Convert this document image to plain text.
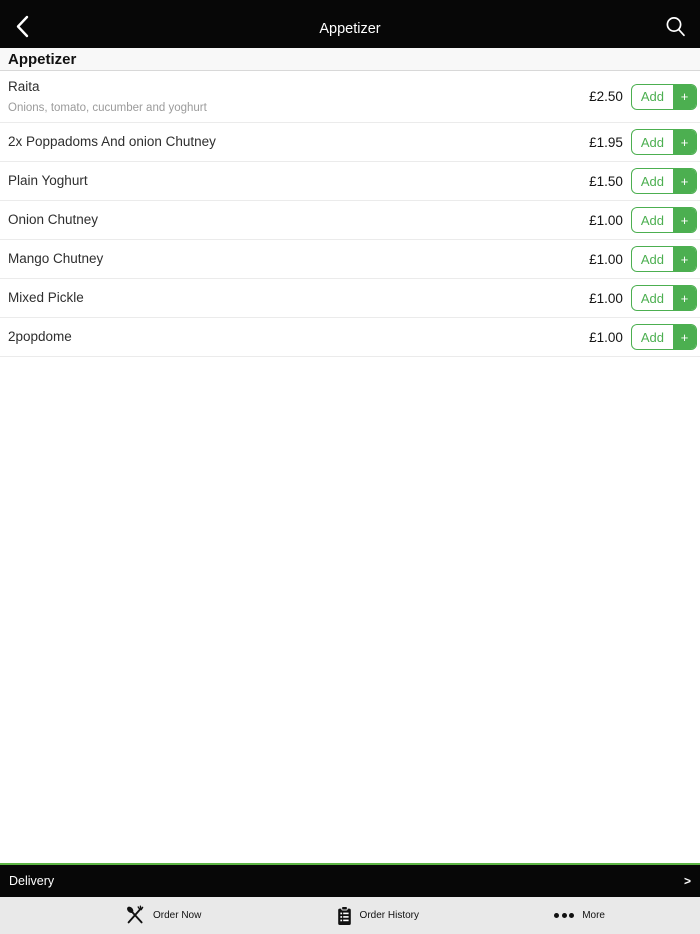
Appetizer
Appetizer
Raita
Onions, tomato, cucumber and yoghurt
£2.50	Add	+
2x Poppadoms And onion Chutney	£1.95	Add	+
Plain Yoghurt	£1.50	Add	+
Onion Chutney	£1.00	Add	+
Mango Chutney	£1.00	Add	+
Mixed Pickle	£1.00	Add	+
2popdome	£1.00	Add	+
Delivery	>
Order Now	Order History	More
